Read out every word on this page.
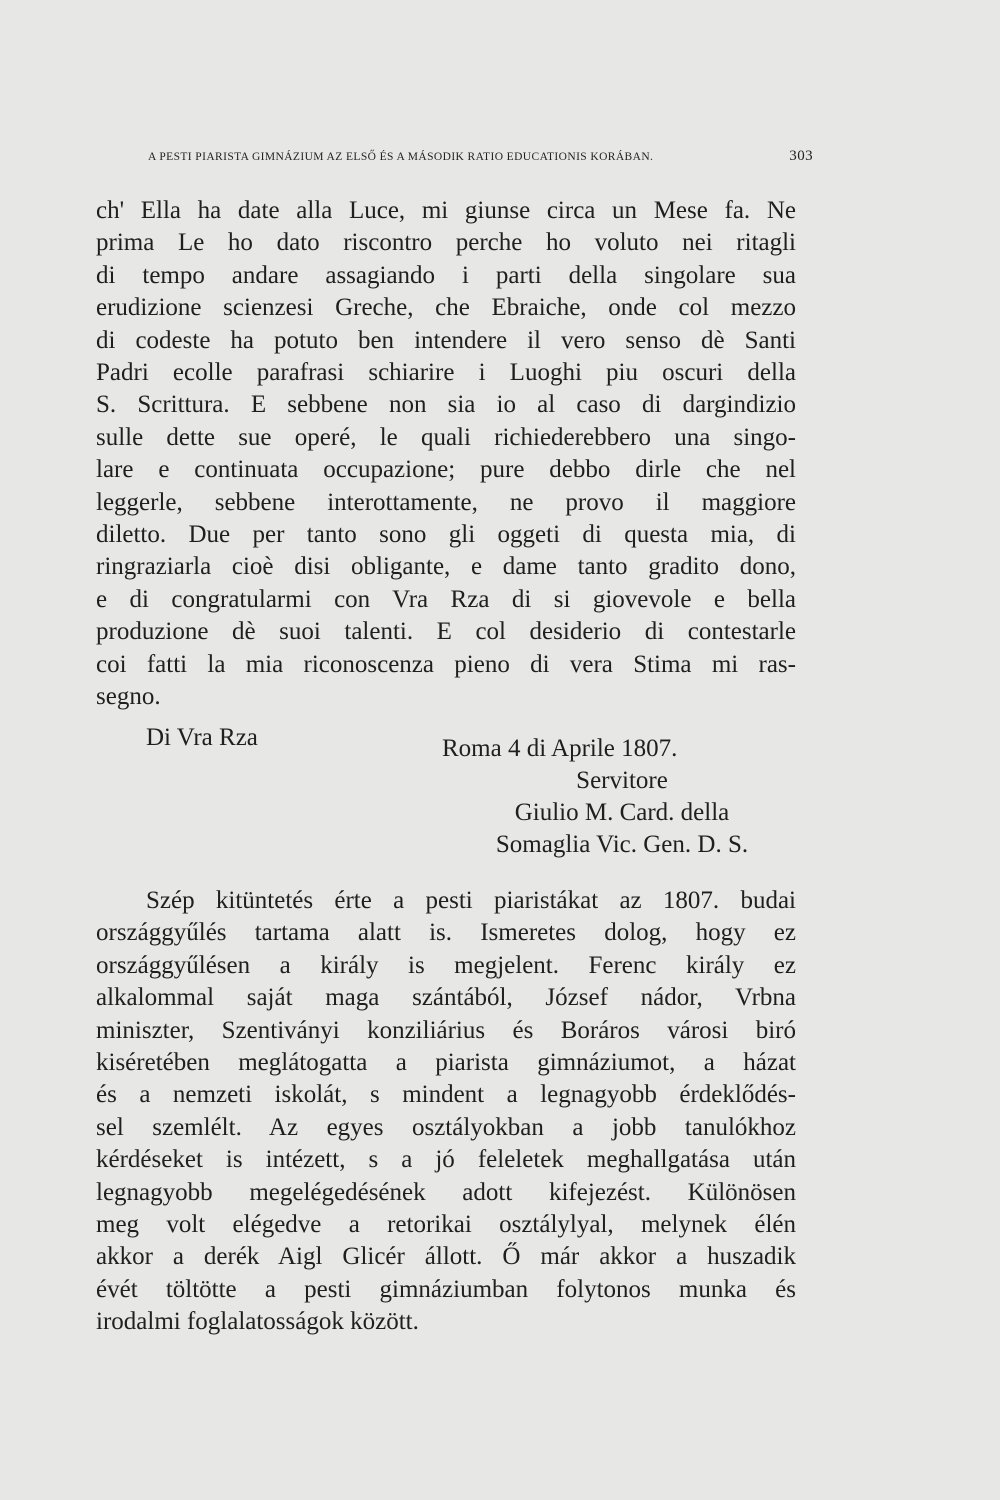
A PESTI PIARISTA GIMNÁZIUM AZ ELSŐ ÉS A MÁSODIK RATIO EDUCATIONIS KORÁBAN.	303
ch' Ella ha date alla Luce, mi giunse circa un Mese fa. Ne
prima Le ho dato riscontro perche ho voluto nei ritagli
di tempo andare assagiando i parti della singolare sua
erudizione scienzesi Greche, che Ebraiche, onde col mezzo
di codeste ha potuto ben intendere il vero senso dè Santi
Padri ecolle parafrasi schiarire i Luoghi piu oscuri della
S. Scrittura. E sebbene non sia io al caso di dargindizio
sulle dette sue operé, le quali richiederebbero una singo-
lare e continuata occupazione; pure debbo dirle che nel
leggerle, sebbene interottamente, ne provo il maggiore
diletto. Due per tanto sono gli oggeti di questa mia, di
ringraziarla cioè disi obligante, e dame tanto gradito dono,
e di congratularmi con Vra Rza di si giovevole e bella
produzione dè suoi talenti. E col desiderio di contestarle
coi fatti la mia riconoscenza pieno di vera Stima mi ras-
segno.
Di Vra Rza	Roma 4 di Aprile 1807.
Servitore
Giulio M. Card. della
Somaglia Vic. Gen. D. S.
Szép kitüntetés érte a pesti piaristákat az 1807. budai
országgyűlés tartama alatt is. Ismeretes dolog, hogy ez
országgyűlésen a király is megjelent. Ferenc király ez
alkalommal saját maga szántából, József nádor, Vrbna
miniszter, Szentiványi konziliárius és Boráros városi biró
kiséretében meglátogatta a piarista gimnáziumot, a házat
és a nemzeti iskolát, s mindent a legnagyobb érdeklődés-
sel szemlélt. Az egyes osztályokban a jobb tanulókhoz
kérdéseket is intézett, s a jó feleletek meghallgatása után
legnagyobb megelégedésének adott kifejezést. Különösen
meg volt elégedve a retorikai osztálylyal, melynek élén
akkor a derék Aigl Glicér állott. Ő már akkor a huszadik
évét töltötte a pesti gimnáziumban folytonos munka és
irodalmi foglalatosságok között.
